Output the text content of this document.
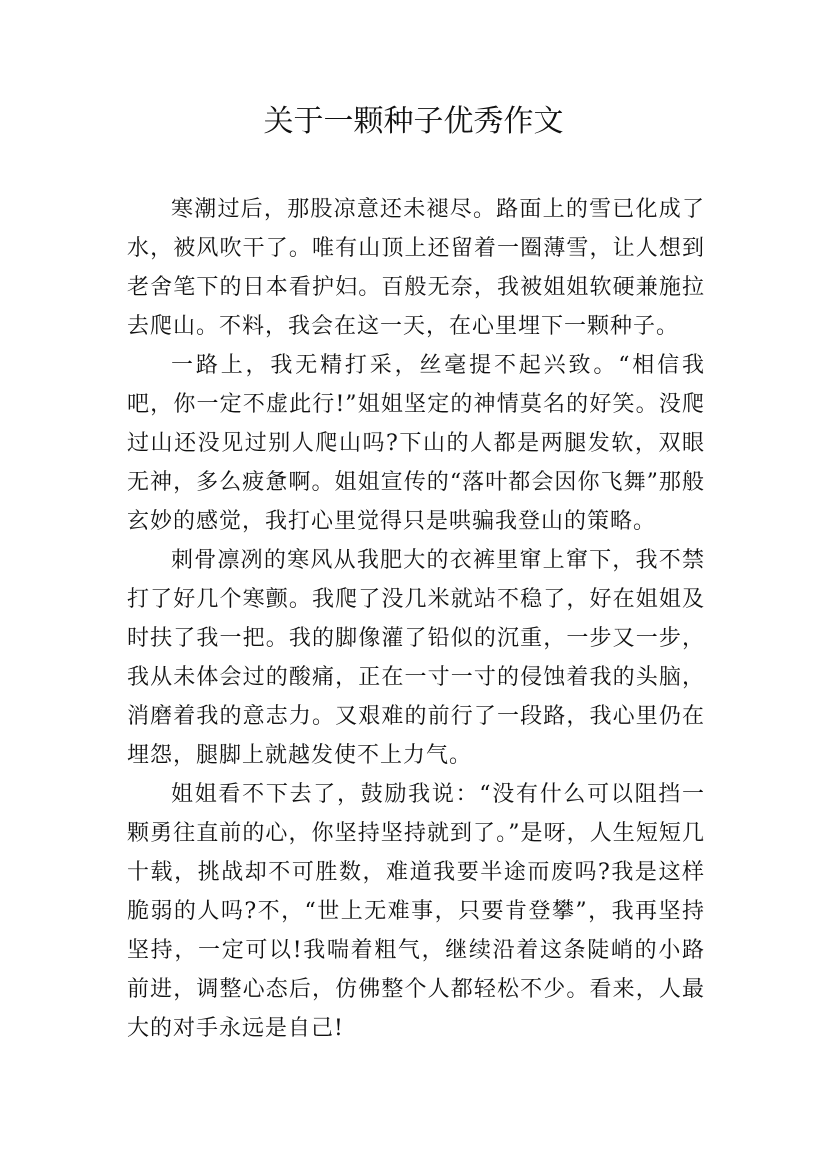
关于一颗种子优秀作文

寒潮过后，那股凉意还未褪尽。路面上的雪已化成了水，被风吹干了。唯有山顶上还留着一圈薄雪，让人想到老舍笔下的日本看护妇。百般无奈，我被姐姐软硬兼施拉去爬山。不料，我会在这一天，在心里埋下一颗种子。

一路上，我无精打采，丝毫提不起兴致。“相信我吧，你一定不虚此行!”姐姐坚定的神情莫名的好笑。没爬过山还没见过别人爬山吗?下山的人都是两腿发软，双眼无神，多么疲惫啊。姐姐宣传的“落叶都会因你飞舞”那般玄妙的感觉，我打心里觉得只是哄骗我登山的策略。

刺骨凛冽的寒风从我肥大的衣裤里窜上窜下，我不禁打了好几个寒颤。我爬了没几米就站不稳了，好在姐姐及时扶了我一把。我的脚像灌了铅似的沉重，一步又一步，我从未体会过的酸痛，正在一寸一寸的侵蚀着我的头脑，消磨着我的意志力。又艰难的前行了一段路，我心里仍在埋怨，腿脚上就越发使不上力气。

姐姐看不下去了，鼓励我说：“没有什么可以阻挡一颗勇往直前的心，你坚持坚持就到了。”是呀，人生短短几十载，挑战却不可胜数，难道我要半途而废吗?我是这样脆弱的人吗?不，“世上无难事，只要肯登攀”，我再坚持坚持，一定可以!我喘着粗气，继续沿着这条陡峭的小路前进，调整心态后，仿佛整个人都轻松不少。看来，人最大的对手永远是自己!
